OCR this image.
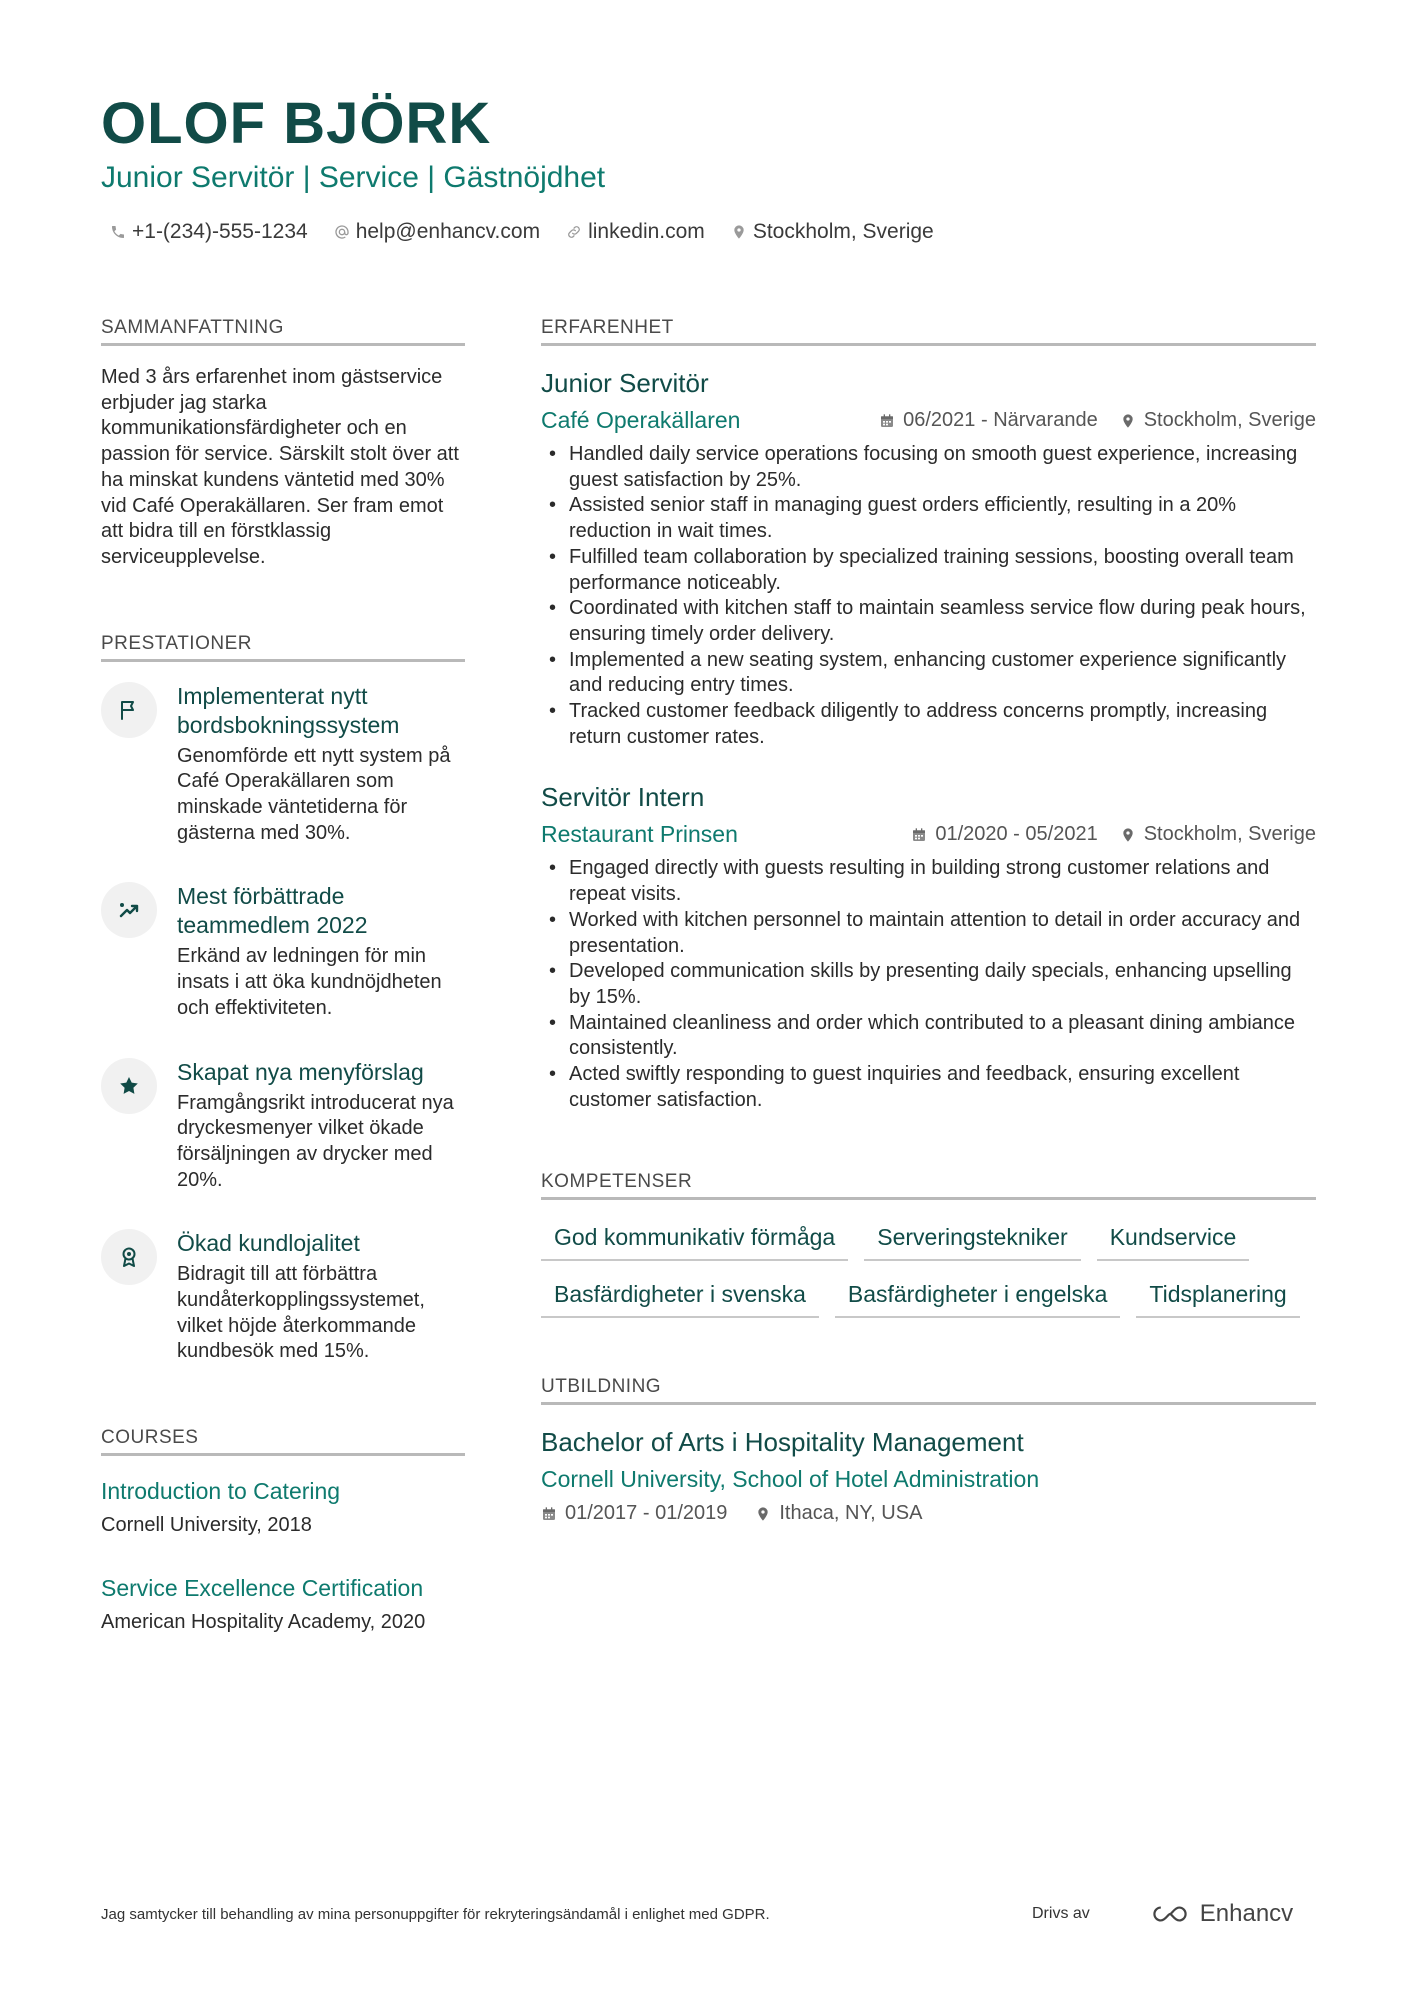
OLOF BJÖRK
Junior Servitör | Service | Gästnöjdhet
+1-(234)-555-1234 help@enhancv.com linkedin.com Stockholm, Sverige
SAMMANFATTNING
Med 3 års erfarenhet inom gästservice erbjuder jag starka kommunikationsfärdigheter och en passion för service. Särskilt stolt över att ha minskat kundens väntetid med 30% vid Café Operakällaren. Ser fram emot att bidra till en förstklassig serviceupplevelse.
PRESTATIONER
Implementerat nytt bordsbokningssystem
Genomförde ett nytt system på Café Operakällaren som minskade väntetiderna för gästerna med 30%.
Mest förbättrade teammedlem 2022
Erkänd av ledningen för min insats i att öka kundnöjdheten och effektiviteten.
Skapat nya menyförslag
Framgångsrikt introducerat nya dryckesmenyer vilket ökade försäljningen av drycker med 20%.
Ökad kundlojalitet
Bidragit till att förbättra kundåterkopplingssystemet, vilket höjde återkommande kundbesök med 15%.
COURSES
Introduction to Catering
Cornell University, 2018
Service Excellence Certification
American Hospitality Academy, 2020
ERFARENHET
Junior Servitör
Café Operakällaren	06/2021 - Närvarande Stockholm, Sverige
• Handled daily service operations focusing on smooth guest experience, increasing guest satisfaction by 25%.
• Assisted senior staff in managing guest orders efficiently, resulting in a 20% reduction in wait times.
• Fulfilled team collaboration by specialized training sessions, boosting overall team performance noticeably.
• Coordinated with kitchen staff to maintain seamless service flow during peak hours, ensuring timely order delivery.
• Implemented a new seating system, enhancing customer experience significantly and reducing entry times.
• Tracked customer feedback diligently to address concerns promptly, increasing return customer rates.
Servitör Intern
Restaurant Prinsen	01/2020 - 05/2021 Stockholm, Sverige
• Engaged directly with guests resulting in building strong customer relations and repeat visits.
• Worked with kitchen personnel to maintain attention to detail in order accuracy and presentation.
• Developed communication skills by presenting daily specials, enhancing upselling by 15%.
• Maintained cleanliness and order which contributed to a pleasant dining ambiance consistently.
• Acted swiftly responding to guest inquiries and feedback, ensuring excellent customer satisfaction.
KOMPETENSER
God kommunikativ förmåga	Serveringstekniker	Kundservice
Basfärdigheter i svenska	Basfärdigheter i engelska	Tidsplanering
UTBILDNING
Bachelor of Arts i Hospitality Management
Cornell University, School of Hotel Administration
01/2017 - 01/2019	Ithaca, NY, USA
Jag samtycker till behandling av mina personuppgifter för rekryteringsändamål i enlighet med GDPR.	Drivs av	Enhancv
